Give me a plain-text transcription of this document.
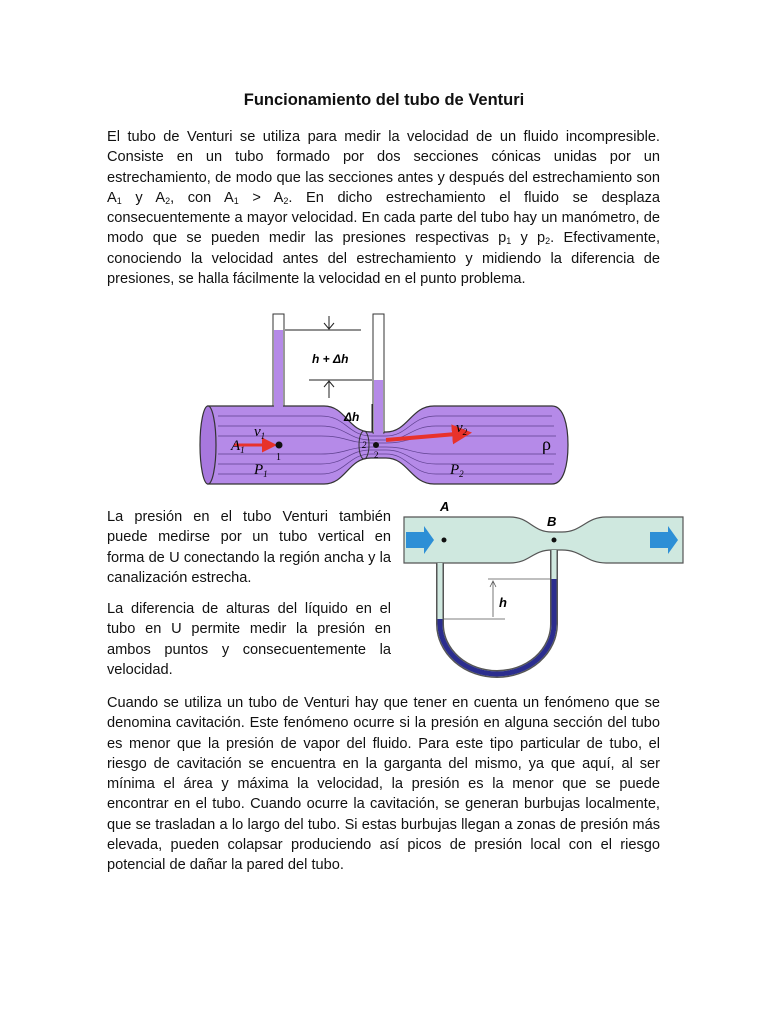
Funcionamiento del tubo de Venturi

El tubo de Venturi se utiliza para medir la velocidad de un fluido incompresible. Consiste en un tubo formado por dos secciones cónicas unidas por un estrechamiento, de modo que las secciones antes y después del estrechamiento son $A_1$ y $A_2$, con $A_1 > A_2$. En dicho estrechamiento el fluido se desplaza consecuentemente a mayor velocidad. En cada parte del tubo hay un manómetro, de modo que se pueden medir las presiones respectivas $p_1$ y $p_2$. Efectivamente, conociendo la velocidad antes del estrechamiento y midiendo la diferencia de presiones, se halla fácilmente la velocidad en el punto problema.

h + Δh
Δh
$v_1$	$v_2$
$A_1$	2
$P_1$	$P_2$
1	2
ρ

La presión en el tubo Venturi también puede medirse por un tubo vertical en forma de U conectando la región ancha y la canalización estrecha.

La diferencia de alturas del líquido en el tubo en U permite medir la presión en ambos puntos y consecuentemente la velocidad.

A
B
h

Cuando se utiliza un tubo de Venturi hay que tener en cuenta un fenómeno que se denomina cavitación. Este fenómeno ocurre si la presión en alguna sección del tubo es menor que la presión de vapor del fluido. Para este tipo particular de tubo, el riesgo de cavitación se encuentra en la garganta del mismo, ya que aquí, al ser mínima el área y máxima la velocidad, la presión es la menor que se puede encontrar en el tubo. Cuando ocurre la cavitación, se generan burbujas localmente, que se trasladan a lo largo del tubo. Si estas burbujas llegan a zonas de presión más elevada, pueden colapsar produciendo así picos de presión local con el riesgo potencial de dañar la pared del tubo.
